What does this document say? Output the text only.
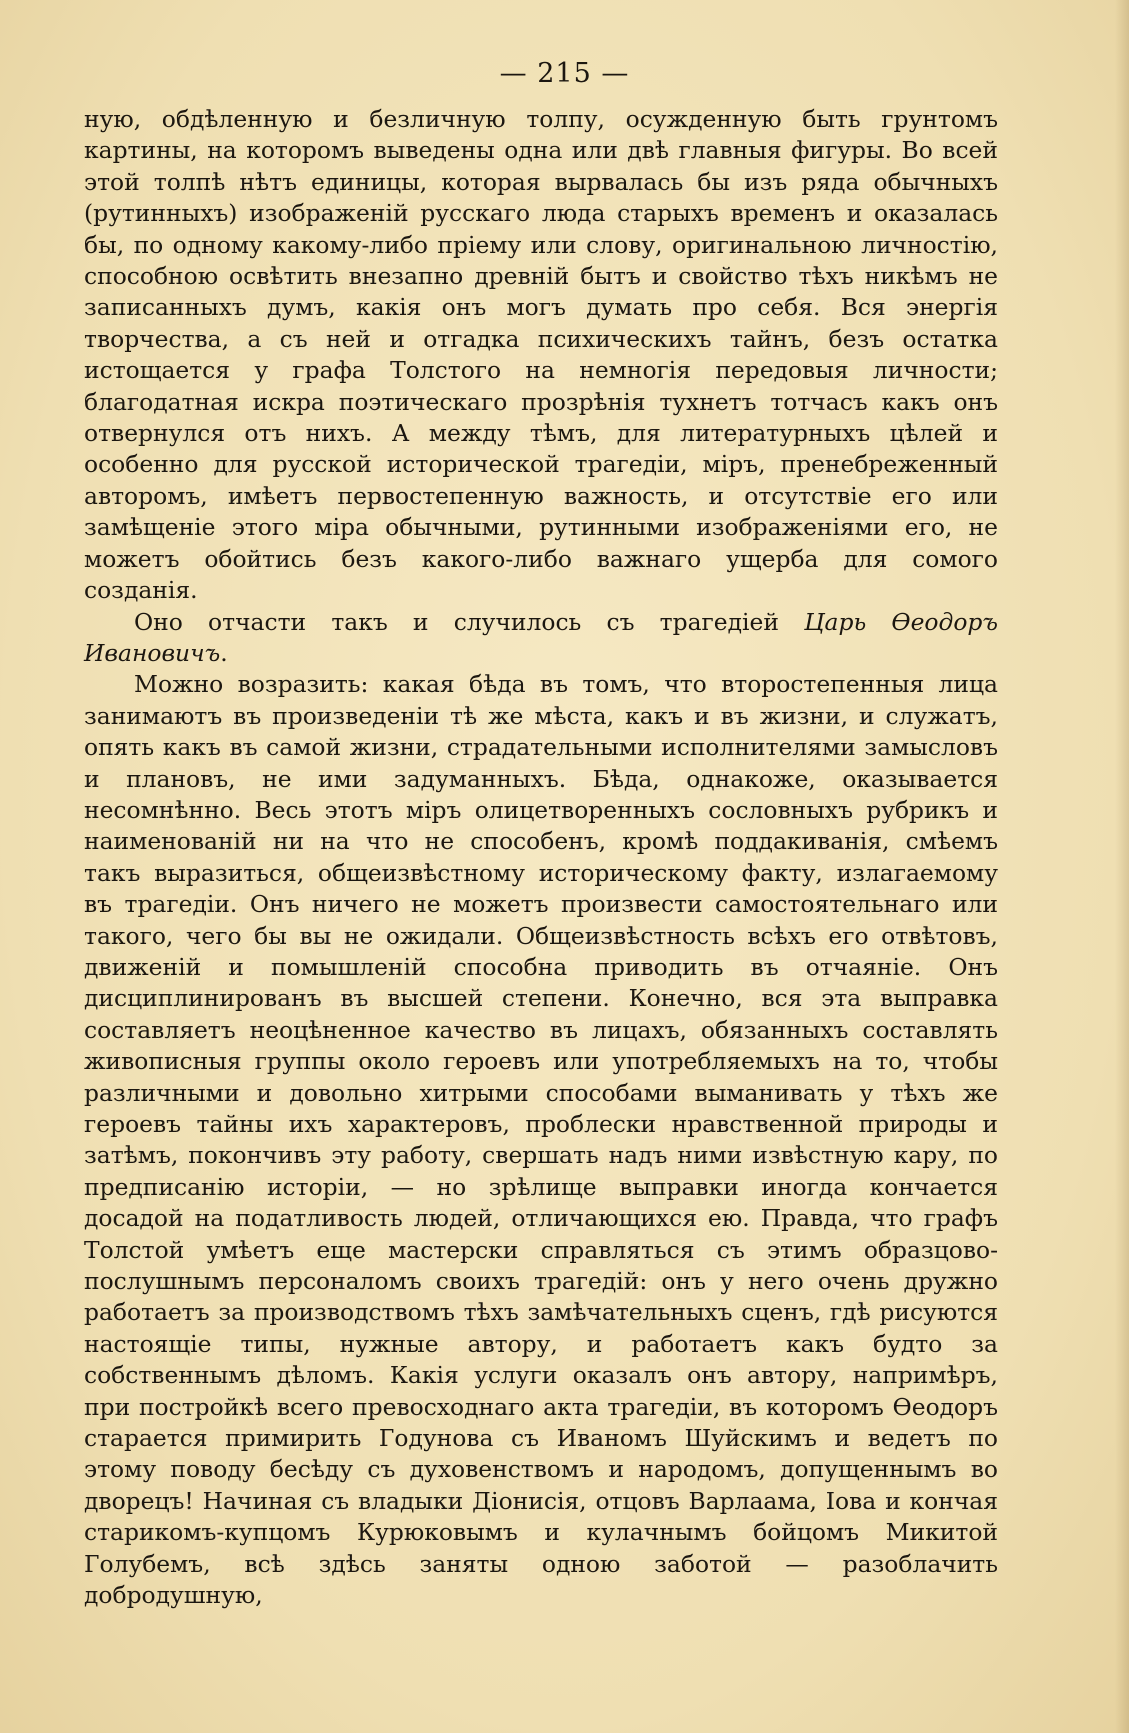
— 215 —

ную, обдѣленную и безличную толпу, осужденную быть грунтомъ картины, на которомъ выведены одна или двѣ главныя фигуры. Во всей этой толпѣ нѣтъ единицы, которая вырвалась бы изъ ряда обычныхъ (рутинныхъ) изображеній русскаго люда старыхъ временъ и оказалась бы, по одному какому-либо пріему или слову, оригинальною личностію, способною освѣтить внезапно древній бытъ и свойство тѣхъ никѣмъ не записанныхъ думъ, какія онъ могъ думать про себя. Вся энергія творчества, а съ ней и отгадка психическихъ тайнъ, безъ остатка истощается у графа Толстого на немногія передовыя личности; благодатная искра поэтическаго прозрѣнія тухнетъ тотчасъ какъ онъ отвернулся отъ нихъ. А между тѣмъ, для литературныхъ цѣлей и особенно для русской исторической трагедіи, міръ, пренебреженный авторомъ, имѣетъ первостепенную важность, и отсутствіе его или замѣщеніе этого міра обычными, рутинными изображеніями его, не можетъ обойтись безъ какого-либо важнаго ущерба для сомого созданія.

Оно отчасти такъ и случилось съ трагедіей Царь Ѳеодоръ Ивановичъ.

Можно возразить: какая бѣда въ томъ, что второстепенныя лица занимаютъ въ произведеніи тѣ же мѣста, какъ и въ жизни, и служатъ, опять какъ въ самой жизни, страдательными исполнителями замысловъ и плановъ, не ими задуманныхъ. Бѣда, однакоже, оказывается несомнѣнно. Весь этотъ міръ олицетворенныхъ сословныхъ рубрикъ и наименованій ни на что не способенъ, кромѣ поддакиванія, смѣемъ такъ выразиться, общеизвѣстному историческому факту, излагаемому въ трагедіи. Онъ ничего не можетъ произвести самостоятельнаго или такого, чего бы вы не ожидали. Общеизвѣстность всѣхъ его отвѣтовъ, движеній и помышленій способна приводить въ отчаяніе. Онъ дисциплинированъ въ высшей степени. Конечно, вся эта выправка составляетъ неоцѣненное качество въ лицахъ, обязанныхъ составлять живописныя группы около героевъ или употребляемыхъ на то, чтобы различными и довольно хитрыми способами выманивать у тѣхъ же героевъ тайны ихъ характеровъ, проблески нравственной природы и затѣмъ, покончивъ эту работу, свершать надъ ними извѣстную кару, по предписанію исторіи, — но зрѣлище выправки иногда кончается досадой на податливость людей, отличающихся ею. Правда, что графъ Толстой умѣетъ еще мастерски справляться съ этимъ образцово-послушнымъ персоналомъ своихъ трагедій: онъ у него очень дружно работаетъ за производствомъ тѣхъ замѣчательныхъ сценъ, гдѣ рисуются настоящіе типы, нужные автору, и работаетъ какъ будто за собственнымъ дѣломъ. Какія услуги оказалъ онъ автору, напримѣръ, при постройкѣ всего превосходнаго акта трагедіи, въ которомъ Ѳеодоръ старается примирить Годунова съ Иваномъ Шуйскимъ и ведетъ по этому поводу бесѣду съ духовенствомъ и народомъ, допущеннымъ во дворецъ! Начиная съ владыки Діонисія, отцовъ Варлаама, Іова и кончая старикомъ-купцомъ Курюковымъ и кулачнымъ бойцомъ Микитой Голубемъ, всѣ здѣсь заняты одною заботой — разоблачить добродушную,
